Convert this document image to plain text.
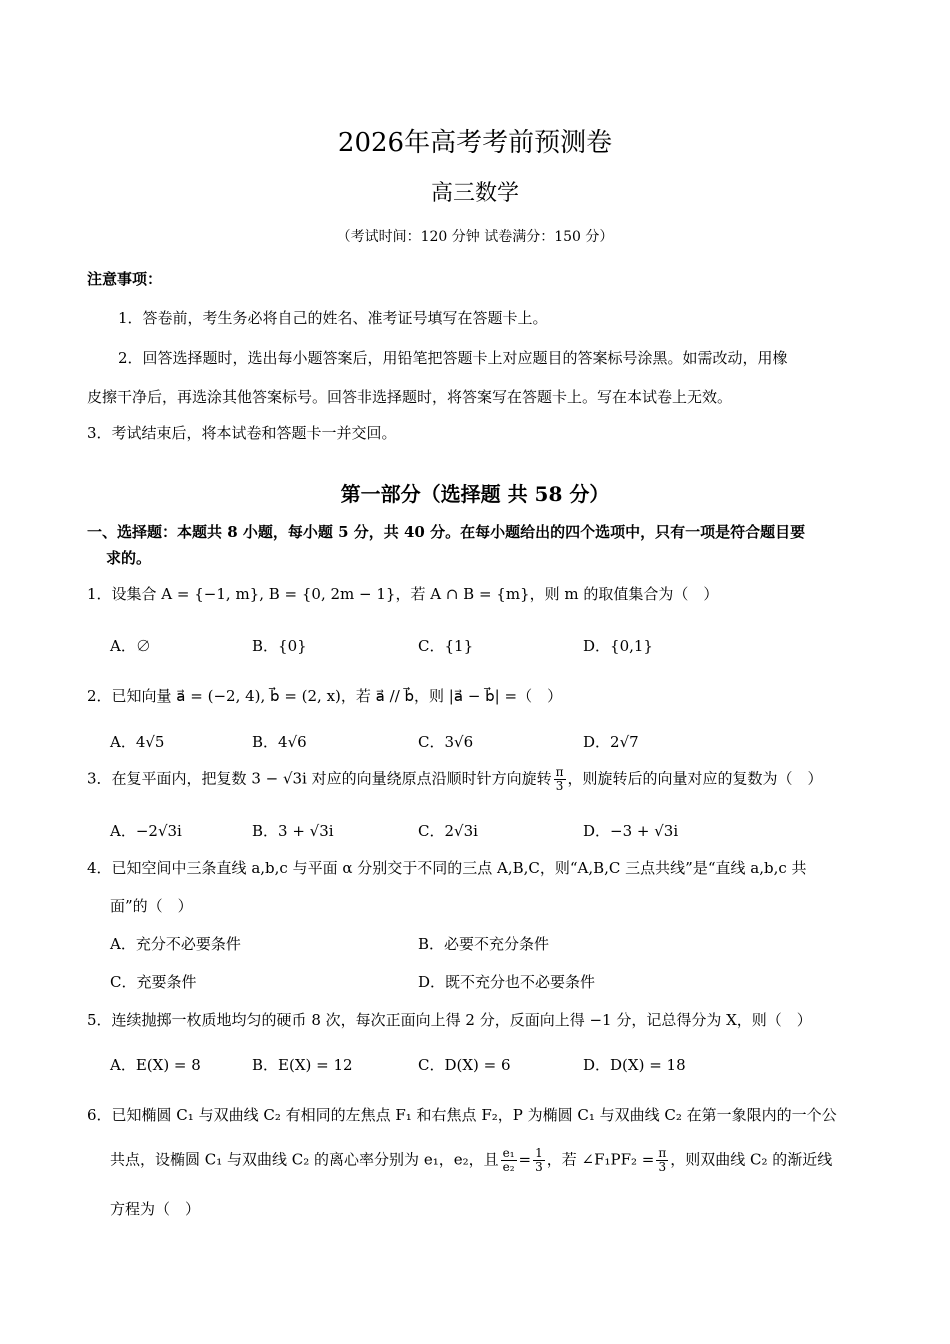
2026年高考考前预测卷
高三数学
（考试时间：120 分钟 试卷满分：150 分）
注意事项：
1．答卷前，考生务必将自己的姓名、准考证号填写在答题卡上。
2．回答选择题时，选出每小题答案后，用铅笔把答题卡上对应题目的答案标号涂黑。如需改动，用橡
皮擦干净后，再选涂其他答案标号。回答非选择题时，将答案写在答题卡上。写在本试卷上无效。
3．考试结束后，将本试卷和答题卡一并交回。
第一部分（选择题 共 58 分）
一、选择题：本题共 8 小题，每小题 5 分，共 40 分。在每小题给出的四个选项中，只有一项是符合题目要
求的。
1．设集合 A = {−1, m}, B = {0, 2m − 1}，若 A ∩ B = {m}，则 m 的取值集合为（　）
A．∅	B．{0}	C．{1}	D．{0,1}
2．已知向量 a⃗ = (−2, 4), b⃗ = (2, x)，若 a⃗ // b⃗，则 |a⃗ − b⃗| =（　）
A．4√5	B．4√6	C．3√6	D．2√7
3．在复平面内，把复数 3 − √3i 对应的向量绕原点沿顺时针方向旋转 $\frac{\pi}{3}$ ，则旋转后的向量对应的复数为（　）
A．−2√3i	B．3 + √3i	C．2√3i	D．−3 + √3i
4．已知空间中三条直线 a,b,c 与平面 α 分别交于不同的三点 A,B,C，则“A,B,C 三点共线”是“直线 a,b,c 共
面”的（　）
A．充分不必要条件	B．必要不充分条件
C．充要条件	D．既不充分也不必要条件
5．连续抛掷一枚质地均匀的硬币 8 次，每次正面向上得 2 分，反面向上得 −1 分，记总得分为 X，则（　）
A．E(X) = 8	B．E(X) = 12	C．D(X) = 6	D．D(X) = 18
6．已知椭圆 C₁ 与双曲线 C₂ 有相同的左焦点 F₁ 和右焦点 F₂，P 为椭圆 C₁ 与双曲线 C₂ 在第一象限内的一个公
共点，设椭圆 C₁ 与双曲线 C₂ 的离心率分别为 e₁，e₂，且 $\frac{\text{e₁}}{\text{e₂}} = \frac{1}{3}$ ，若 ∠F₁PF₂ = $\frac{\pi}{3}$ ，则双曲线 C₂ 的渐近线
方程为（　）
